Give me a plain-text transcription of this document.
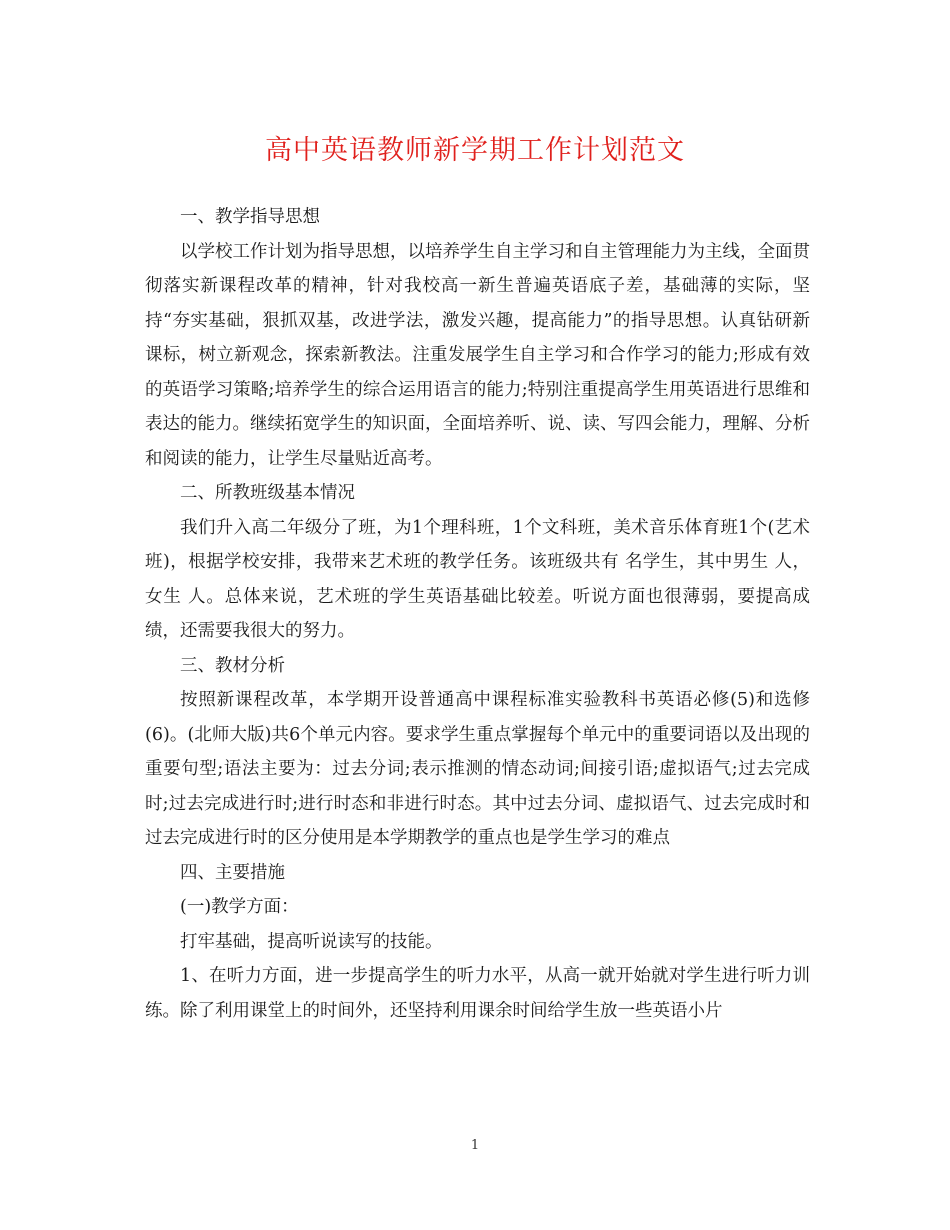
高中英语教师新学期工作计划范文

一、教学指导思想

以学校工作计划为指导思想，以培养学生自主学习和自主管理能力为主线，全面贯彻落实新课程改革的精神，针对我校高一新生普遍英语底子差，基础薄的实际，坚持“夯实基础，狠抓双基，改进学法，激发兴趣，提高能力”的指导思想。认真钻研新课标，树立新观念，探索新教法。注重发展学生自主学习和合作学习的能力;形成有效的英语学习策略;培养学生的综合运用语言的能力;特别注重提高学生用英语进行思维和表达的能力。继续拓宽学生的知识面，全面培养听、说、读、写四会能力，理解、分析和阅读的能力，让学生尽量贴近高考。

二、所教班级基本情况

我们升入高二年级分了班，为1个理科班，1个文科班，美术音乐体育班1个(艺术班)，根据学校安排，我带来艺术班的教学任务。该班级共有 名学生，其中男生 人，女生 人。总体来说，艺术班的学生英语基础比较差。听说方面也很薄弱，要提高成绩，还需要我很大的努力。

三、教材分析

按照新课程改革，本学期开设普通高中课程标准实验教科书英语必修(5)和选修(6)。(北师大版)共6个单元内容。要求学生重点掌握每个单元中的重要词语以及出现的重要句型;语法主要为：过去分词;表示推测的情态动词;间接引语;虚拟语气;过去完成时;过去完成进行时;进行时态和非进行时态。其中过去分词、虚拟语气、过去完成时和过去完成进行时的区分使用是本学期教学的重点也是学生学习的难点

四、主要措施

(一)教学方面：

打牢基础，提高听说读写的技能。

1、在听力方面，进一步提高学生的听力水平，从高一就开始就对学生进行听力训练。除了利用课堂上的时间外，还坚持利用课余时间给学生放一些英语小片

1
